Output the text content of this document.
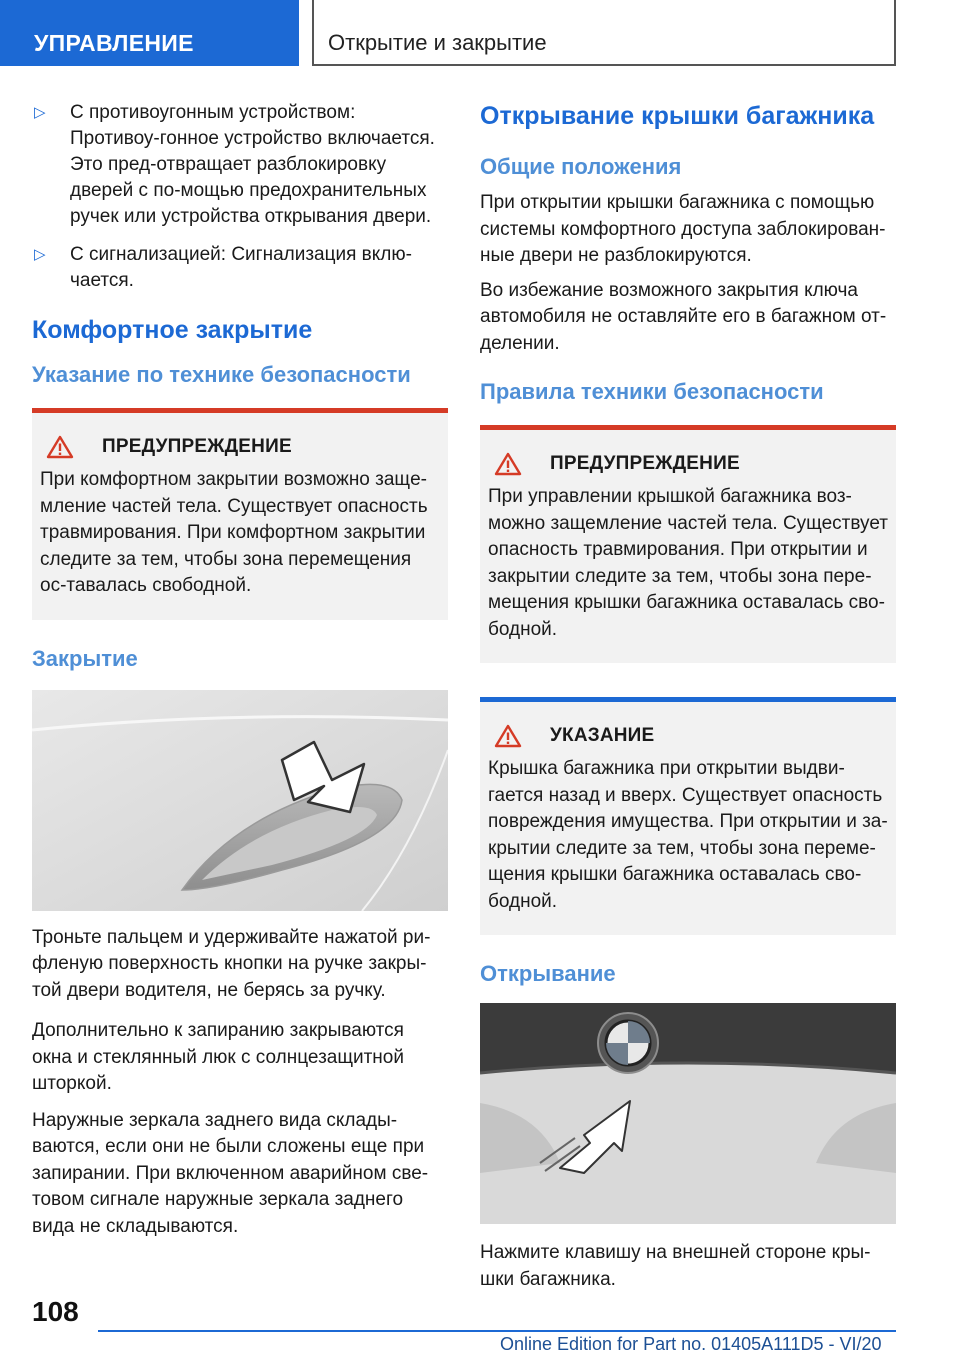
УПРАВЛЕНИЕ	Открытие и закрытие
▷ С противоугонным устройством: Противоу‐гонное устройство включается. Это пред‐отвращает разблокировку дверей с по‐мощью предохранительных ручек или устройства открывания двери.
▷ С сигнализацией: Сигнализация вклю‐чается.
Комфортное закрытие
Указание по технике безопасности
ПРЕДУПРЕЖДЕНИЕ
При комфортном закрытии возможно защe‐мление частей тела. Существует опасность травмирования. При комфортном закрытии следите за тем, чтобы зона перемещения ос‐тавалась свободной.
Закрытие
Троньте пальцем и удерживайте нажатой ри‐фленую поверхность кнопки на ручке закры‐той двери водителя, не берясь за ручку.
Дополнительно к запиранию закрываются окна и стеклянный люк с солнцезащитной шторкой.
Наружные зеркала заднего вида склады‐ваются, если они не были сложены еще при запирании. При включенном аварийном све‐товом сигнале наружные зеркала заднего вида не складываются.
Открывание крышки багажника
Общие положения
При открытии крышки багажника с помощью системы комфортного доступа заблокирован‐ные двери не разблокируются.
Во избежание возможного закрытия ключа автомобиля не оставляйте его в багажном от‐делении.
Правила техники безопасности
ПРЕДУПРЕЖДЕНИЕ
При управлении крышкой багажника воз‐можно защемление частей тела. Существует опасность травмирования. При открытии и закрытии следите за тем, чтобы зона пере‐мещения крышки багажника оставалась сво‐бодной.
УКАЗАНИЕ
Крышка багажника при открытии выдви‐гается назад и вверх. Существует опасность повреждения имущества. При открытии и за‐крытии следите за тем, чтобы зона переме‐щения крышки багажника оставалась сво‐бодной.
Открывание
Нажмите клавишу на внешней стороне кры‐шки багажника.
108
Online Edition for Part no. 01405A111D5 - VI/20
